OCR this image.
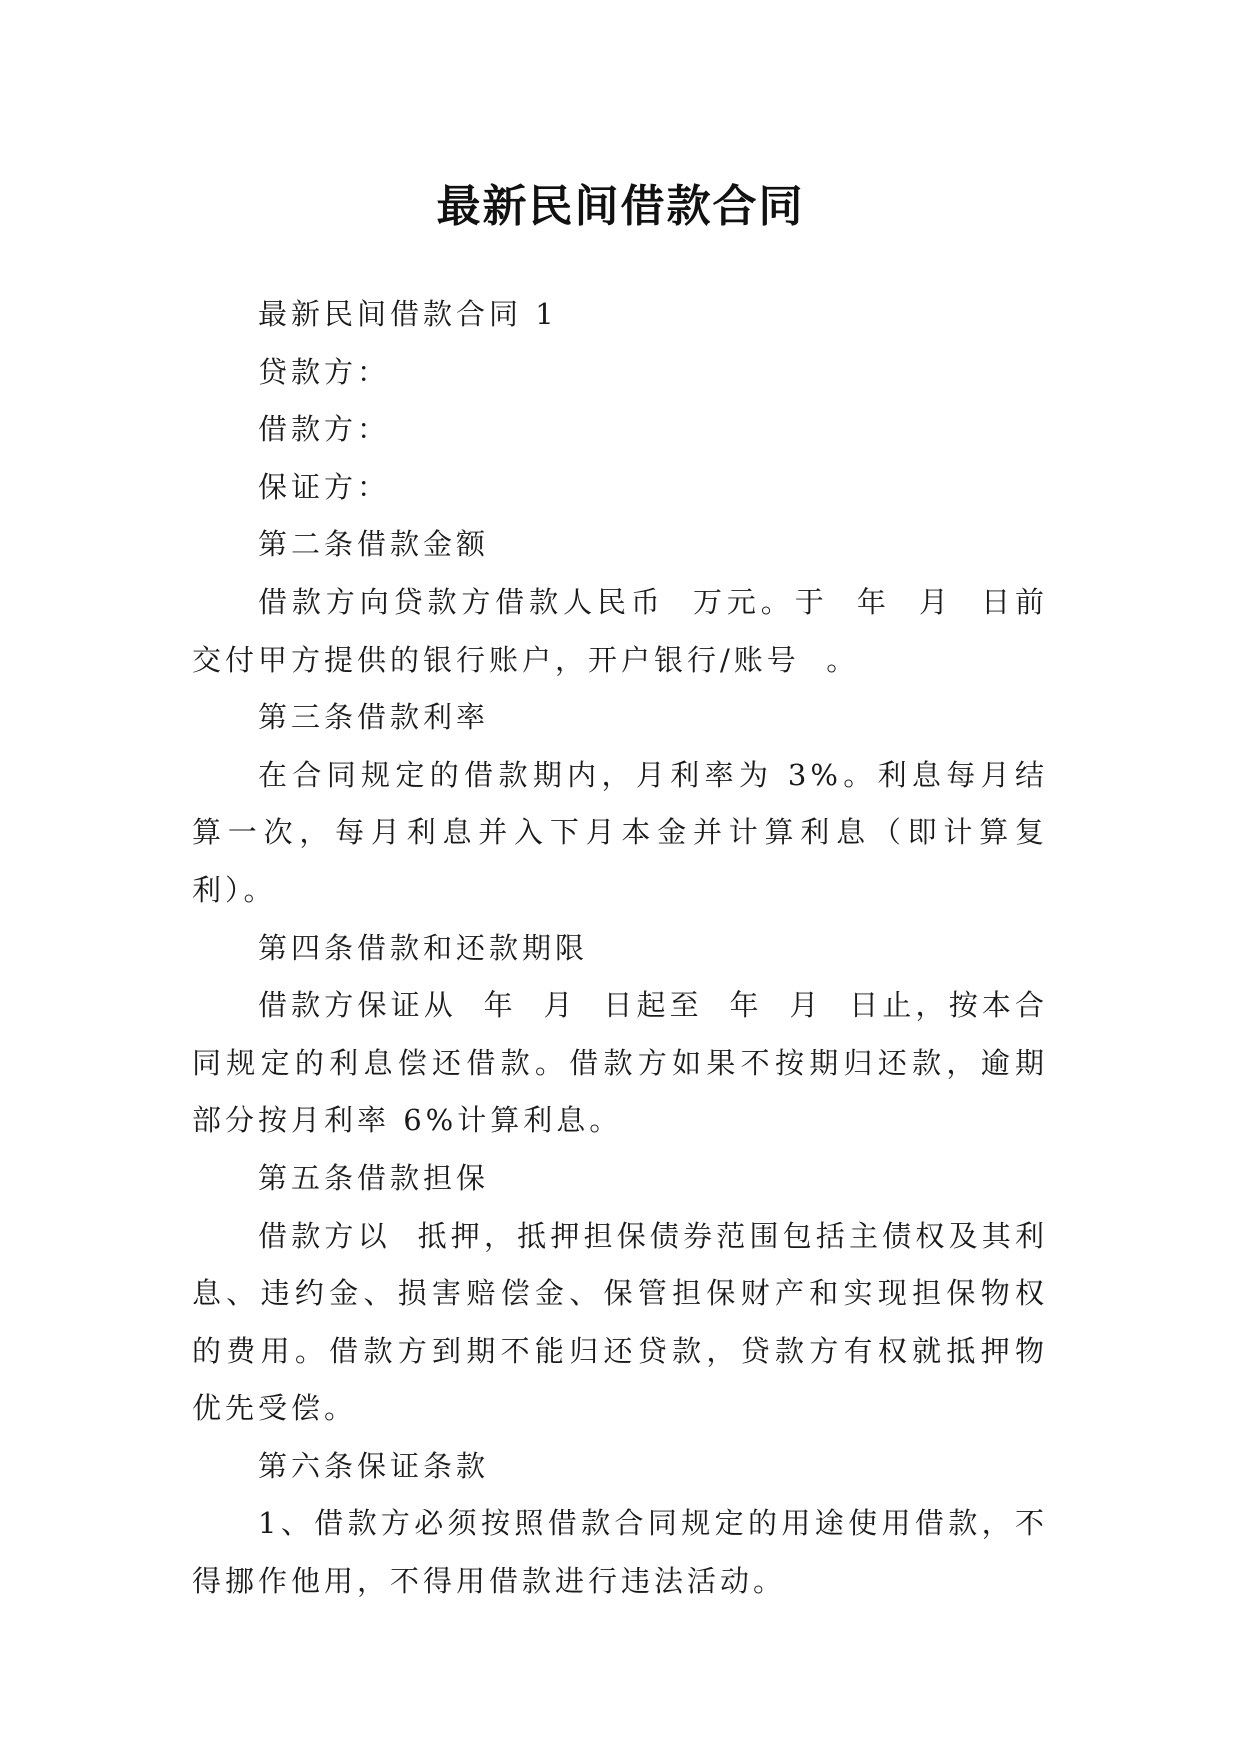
最新民间借款合同

最新民间借款合同 1

贷款方：

借款方：

保证方：

第二条借款金额

借款方向贷款方借款人民币  万元。于  年  月  日前交付甲方提供的银行账户，开户银行/账号  。

第三条借款利率

在合同规定的借款期内，月利率为 3%。利息每月结算一次，每月利息并入下月本金并计算利息（即计算复利）。

第四条借款和还款期限

借款方保证从  年  月  日起至  年  月  日止，按本合同规定的利息偿还借款。借款方如果不按期归还款，逾期部分按月利率 6%计算利息。

第五条借款担保

借款方以  抵押，抵押担保债券范围包括主债权及其利息、违约金、损害赔偿金、保管担保财产和实现担保物权的费用。借款方到期不能归还贷款，贷款方有权就抵押物优先受偿。

第六条保证条款

1、借款方必须按照借款合同规定的用途使用借款，不得挪作他用，不得用借款进行违法活动。
